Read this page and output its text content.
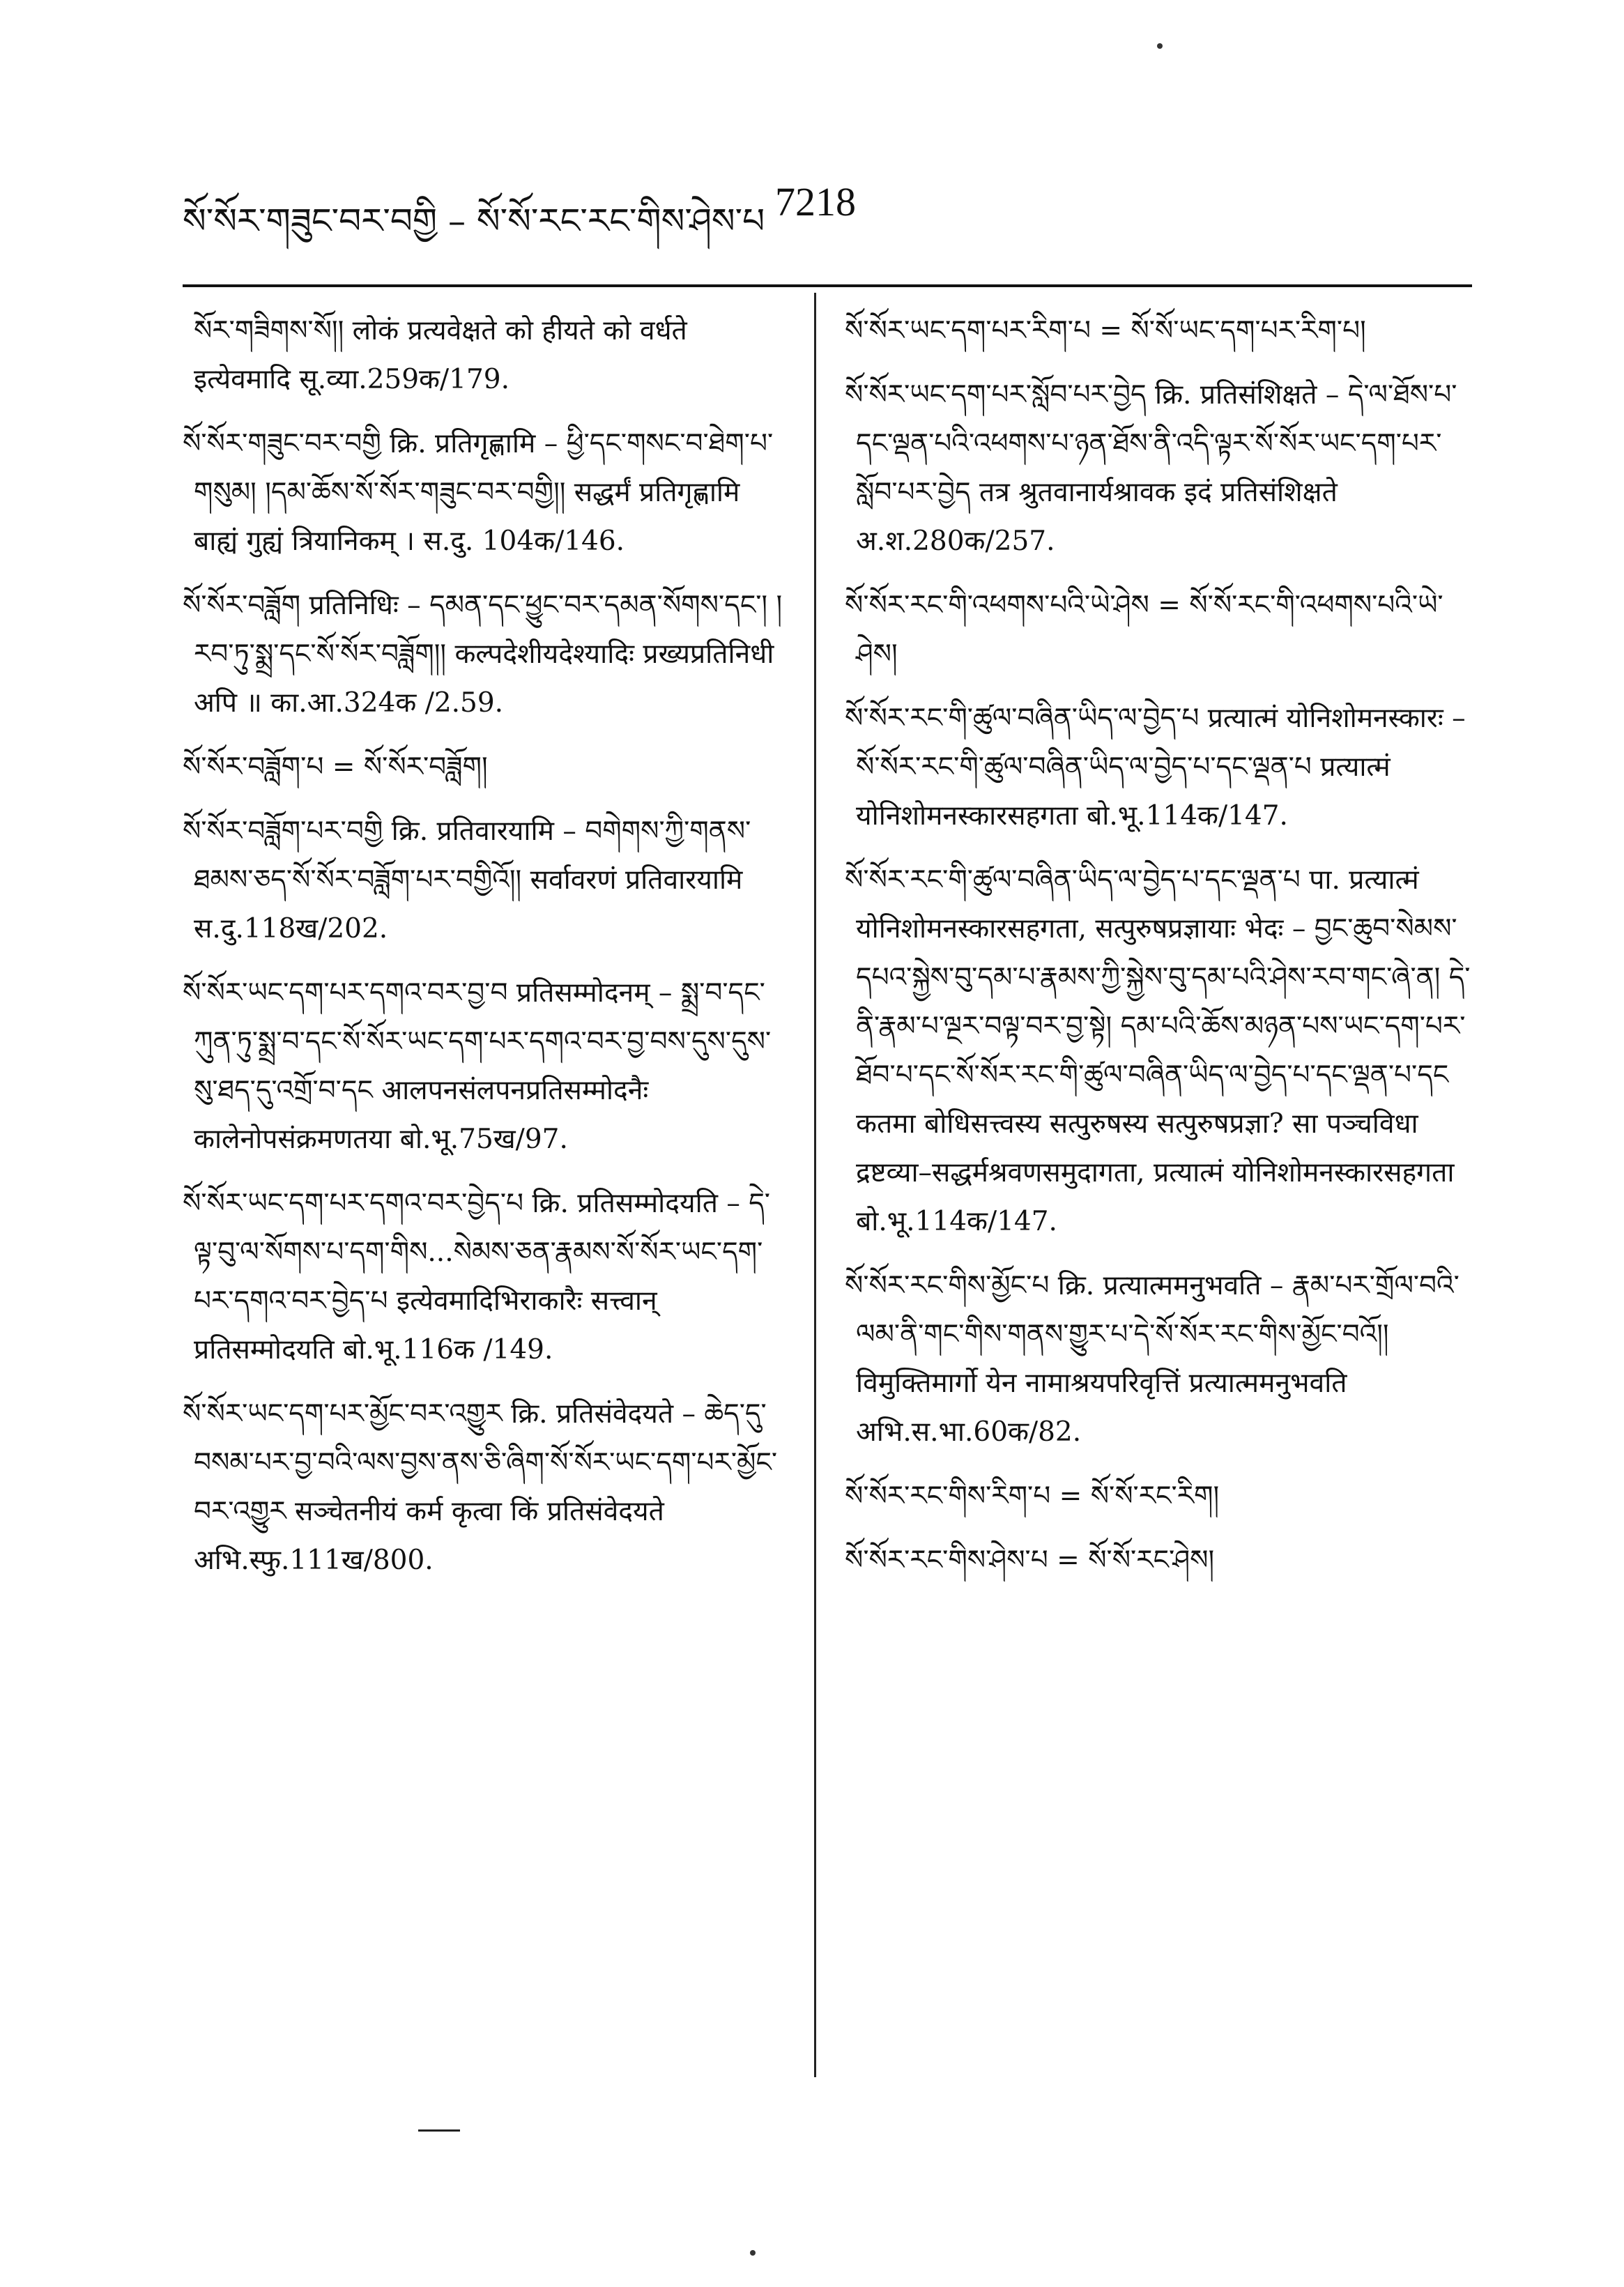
སོ་སོར་གཟུང་བར་བགྱི – སོ་སོ་རང་རང་གིས་ཤེས་པ 7218

སོར་གཟིགས་སོ།། लोकं प्रत्यवेक्षते को हीयते को वर्धते इत्येवमादि सू.व्या.259क/179.

སོ་སོར་གཟུང་བར་བགྱི क्रि. प्रतिगृह्णामि – ཕྱི་དང་གསང་བ་ཐེག་པ་གསུམ། །དམ་ཆོས་སོ་སོར་གཟུང་བར་བགྱི།། सद्धर्मं प्रतिगृह्णामि बाह्यं गुह्यं त्रियानिकम् । स.दु. 104क/146.

སོ་སོར་བཟློག प्रतिनिधिः – དམན་དང་ཕྱུང་བར་དམན་སོགས་དང་། །རབ་ཏུ་སྨྲ་དང་སོ་སོར་བཟློག།། कल्पदेशीयदेश्यादिः प्रख्यप्रतिनिधी अपि ॥ का.आ.324क /2.59.

སོ་སོར་བཟློག་པ = སོ་སོར་བཟློག།

སོ་སོར་བཟློག་པར་བགྱི क्रि. प्रतिवारयामि – བགེགས་ཀྱི་གནས་ཐམས་ཅད་སོ་སོར་བཟློག་པར་བགྱིའོ།། सर्वावरणं प्रतिवारयामि स.दु.118ख/202.

སོ་སོར་ཡང་དག་པར་དགའ་བར་བྱ་བ प्रतिसम्मोदनम् – སྨྲ་བ་དང་ཀུན་ཏུ་སྨྲ་བ་དང་སོ་སོར་ཡང་དག་པར་དགའ་བར་བྱ་བས་དུས་དུས་སུ་ཐད་དུ་འགྲོ་བ་དང आलपनसंलपनप्रतिसम्मोदनैः कालेनोपसंक्रमणतया बो.भू.75ख/97.

སོ་སོར་ཡང་དག་པར་དགའ་བར་བྱེད་པ क्रि. प्रतिसम्मोदयति – དེ་ལྟ་བུ་ལ་སོགས་པ་དག་གིས...སེམས་ཅན་རྣམས་སོ་སོར་ཡང་དག་པར་དགའ་བར་བྱེད་པ इत्येवमादिभिराकारैः सत्त्वान् प्रतिसम्मोदयति बो.भू.116क /149.

སོ་སོར་ཡང་དག་པར་མྱོང་བར་འགྱུར क्रि. प्रतिसंवेदयते – ཆེད་དུ་བསམ་པར་བྱ་བའི་ལས་བྱས་ནས་ཅི་ཞིག་སོ་སོར་ཡང་དག་པར་མྱོང་བར་འགྱུར सञ्चेतनीयं कर्म कृत्वा किं प्रतिसंवेदयते अभि.स्फु.111ख/800.

སོ་སོར་ཡང་དག་པར་རིག་པ = སོ་སོ་ཡང་དག་པར་རིག་པ།

སོ་སོར་ཡང་དག་པར་སློབ་པར་བྱེད क्रि. प्रतिसंशिक्षते – དེ་ལ་ཐོས་པ་དང་ལྡན་པའི་འཕགས་པ་ཉན་ཐོས་ནི་འདི་ལྟར་སོ་སོར་ཡང་དག་པར་སློབ་པར་བྱེད तत्र श्रुतवानार्यश्रावक इदं प्रतिसंशिक्षते अ.श.280क/257.

སོ་སོར་རང་གི་འཕགས་པའི་ཡེ་ཤེས = སོ་སོ་རང་གི་འཕགས་པའི་ཡེ་ཤེས།

སོ་སོར་རང་གི་ཚུལ་བཞིན་ཡིད་ལ་བྱེད་པ प्रत्यात्मं योनिशोमनस्कारः – སོ་སོར་རང་གི་ཚུལ་བཞིན་ཡིད་ལ་བྱེད་པ་དང་ལྡན་པ प्रत्यात्मं योनिशोमनस्कारसहगता बो.भू.114क/147.

སོ་སོར་རང་གི་ཚུལ་བཞིན་ཡིད་ལ་བྱེད་པ་དང་ལྡན་པ पा. प्रत्यात्मं योनिशोमनस्कारसहगता, सत्पुरुषप्रज्ञायाः भेदः – བྱང་ཆུབ་སེམས་དཔའ་སྐྱེས་བུ་དམ་པ་རྣམས་ཀྱི་སྐྱེས་བུ་དམ་པའི་ཤེས་རབ་གང་ཞེ་ན། དེ་ནི་རྣམ་པ་ལྔར་བལྟ་བར་བྱ་སྟེ། དམ་པའི་ཆོས་མཉན་པས་ཡང་དག་པར་ཐོབ་པ་དང་སོ་སོར་རང་གི་ཚུལ་བཞིན་ཡིད་ལ་བྱེད་པ་དང་ལྡན་པ་དང कतमा बोधिसत्त्वस्य सत्पुरुषस्य सत्पुरुषप्रज्ञा? सा पञ्चविधा द्रष्टव्या–सद्धर्मश्रवणसमुदागता, प्रत्यात्मं योनिशोमनस्कारसहगता बो.भू.114क/147.

སོ་སོར་རང་གིས་མྱོང་པ क्रि. प्रत्यात्ममनुभवति – རྣམ་པར་གྲོལ་བའི་ལམ་ནི་གང་གིས་གནས་གྱུར་པ་དེ་སོ་སོར་རང་གིས་མྱོང་བའོ།། विमुक्तिमार्गो येन नामाश्रयपरिवृत्तिं प्रत्यात्ममनुभवति अभि.स.भा.60क/82.

སོ་སོར་རང་གིས་རིག་པ = སོ་སོ་རང་རིག།

སོ་སོར་རང་གིས་ཤེས་པ = སོ་སོ་རང་ཤེས།
